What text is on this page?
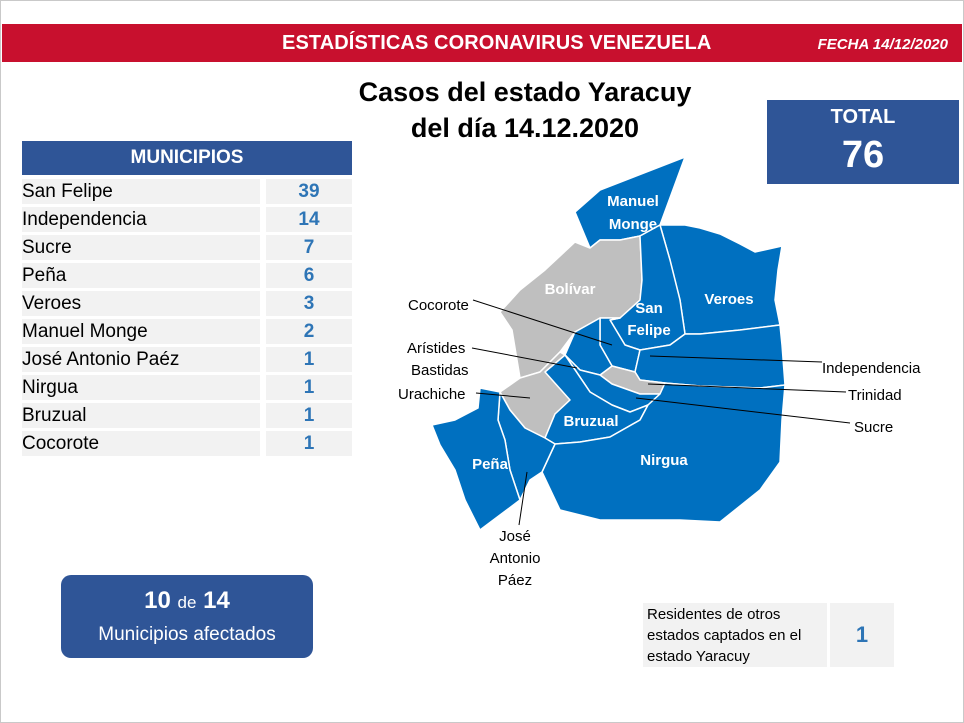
ESTADÍSTICAS CORONAVIRUS VENEZUELA	FECHA 14/12/2020
Casos del estado Yaracuy
del día 14.12.2020	TOTAL
76
MUNICIPIOS
San Felipe	39
Independencia	14
Sucre	7
Peña	6
Veroes	3
Manuel Monge	2
José Antonio Paéz	1
Nirgua	1
Bruzual	1
Cocorote	1
10 de 14
Municipios afectados
Residentes de otros estados captados en el estado Yaracuy
1
Manuel
Monge
Bolívar
San
Felipe
Veroes
Bruzual
Nirgua
Peña
Cocorote
Arístides
Bastidas
Urachiche
Independencia
Trinidad
Sucre
José
Antonio
Páez
